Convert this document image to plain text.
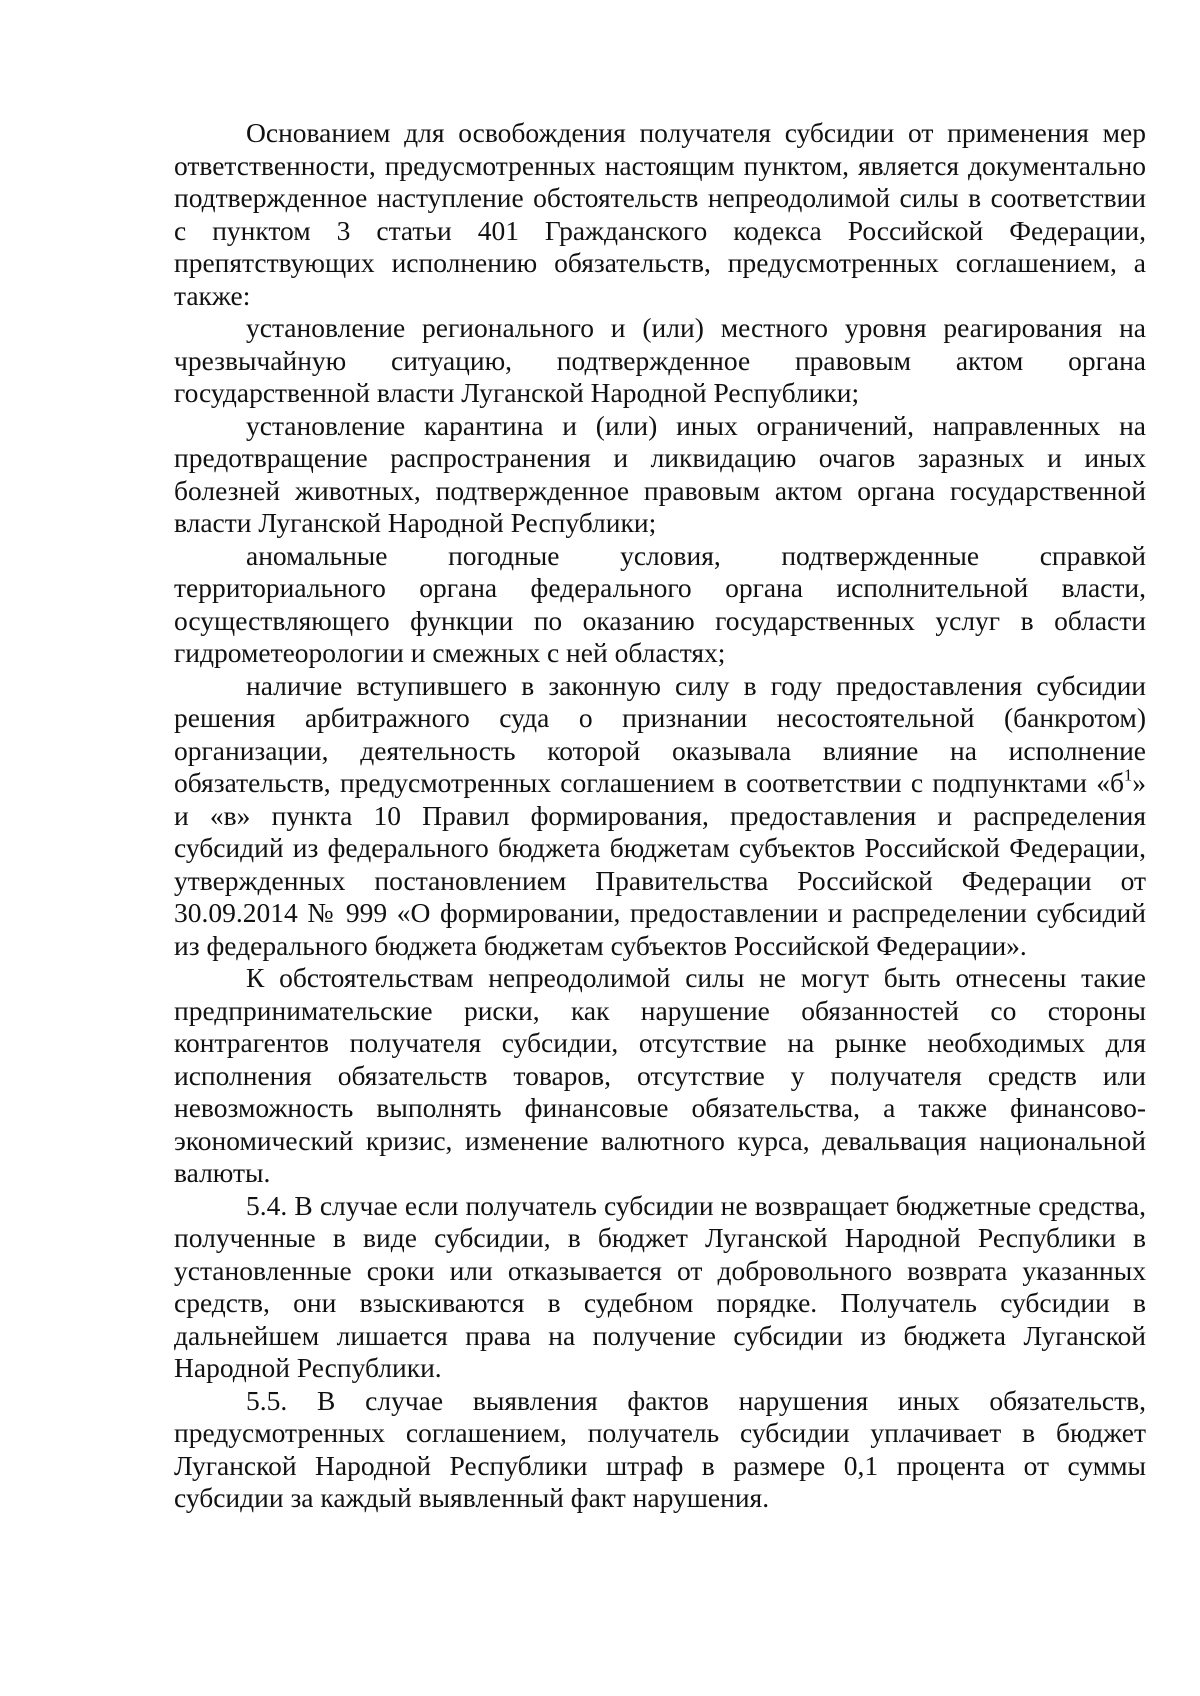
Основанием для освобождения получателя субсидии от применения мер ответственности, предусмотренных настоящим пунктом, является документально подтвержденное наступление обстоятельств непреодолимой силы в соответствии с пунктом 3 статьи 401 Гражданского кодекса Российской Федерации, препятствующих исполнению обязательств, предусмотренных соглашением, а также:

установление регионального и (или) местного уровня реагирования на чрезвычайную ситуацию, подтвержденное правовым актом органа государственной власти Луганской Народной Республики;

установление карантина и (или) иных ограничений, направленных на предотвращение распространения и ликвидацию очагов заразных и иных болезней животных, подтвержденное правовым актом органа государственной власти Луганской Народной Республики;

аномальные погодные условия, подтвержденные справкой территориального органа федерального органа исполнительной власти, осуществляющего функции по оказанию государственных услуг в области гидрометеорологии и смежных с ней областях;

наличие вступившего в законную силу в году предоставления субсидии решения арбитражного суда о признании несостоятельной (банкротом) организации, деятельность которой оказывала влияние на исполнение обязательств, предусмотренных соглашением в соответствии с подпунктами «$б^1$» и «в» пункта 10 Правил формирования, предоставления и распределения субсидий из федерального бюджета бюджетам субъектов Российской Федерации, утвержденных постановлением Правительства Российской Федерации от 30.09.2014 № 999 «О формировании, предоставлении и распределении субсидий из федерального бюджета бюджетам субъектов Российской Федерации».

К обстоятельствам непреодолимой силы не могут быть отнесены такие предпринимательские риски, как нарушение обязанностей со стороны контрагентов получателя субсидии, отсутствие на рынке необходимых для исполнения обязательств товаров, отсутствие у получателя средств или невозможность выполнять финансовые обязательства, а также финансово-экономический кризис, изменение валютного курса, девальвация национальной валюты.

5.4. В случае если получатель субсидии не возвращает бюджетные средства, полученные в виде субсидии, в бюджет Луганской Народной Республики в установленные сроки или отказывается от добровольного возврата указанных средств, они взыскиваются в судебном порядке. Получатель субсидии в дальнейшем лишается права на получение субсидии из бюджета Луганской Народной Республики.

5.5. В случае выявления фактов нарушения иных обязательств, предусмотренных соглашением, получатель субсидии уплачивает в бюджет Луганской Народной Республики штраф в размере 0,1 процента от суммы субсидии за каждый выявленный факт нарушения.
